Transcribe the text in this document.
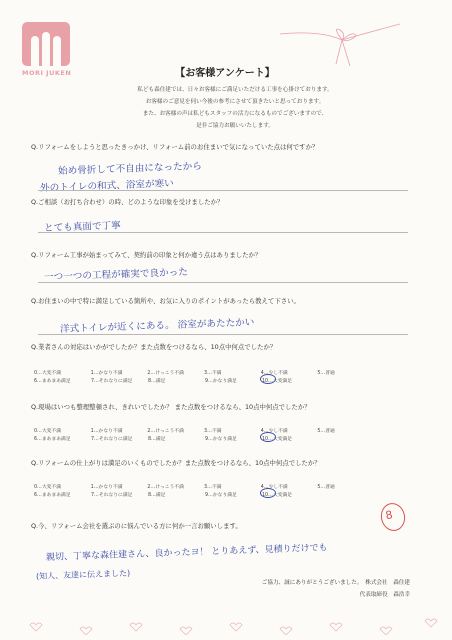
MORI JUKEN	【お客様アンケート】
私ども森住建では、日々お客様にご満足いただける工事を心掛けております。
お客様のご意見を伺い今後の参考にさせて頂きたいと思っております。
また、お客様の声は私どもスタッフの活力になるものでございますので、
是非ご協力お願いいたします。
Q.リフォームをしようと思ったきっかけ、リフォーム前のお住まいで気になっていた点は何ですか？
始め骨折して不自由になったから
外のトイレの和式、浴室が寒い
Q.ご相談（お打ち合わせ）の時、どのような印象を受けましたか？
とても真面で丁寧
Q.リフォーム工事が始まってみて、契約前の印象と何か違う点はありましたか？
一つ一つの工程が確実で良かった
Q.お住まいの中で特に満足している箇所や、お気に入りのポイントがあったら教えて下さい。
洋式トイレが近くにある。 浴室があたたかい
Q.業者さんの対応はいかがでしたか？また点数をつけるなら、10点中何点でしたか？
0…大変不満	1…かなり不満	2…けっこう不満	3…不満	4…少し不満	5…普通
6…まあまあ満足	7…それなりに満足	8…満足	9…かなり満足	10…大変満足
Q.現場はいつも整理整頓され、きれいでしたか？ また点数をつけるなら、10点中何点でしたか？
0…大変不満	1…かなり不満	2…けっこう不満	3…不満	4…少し不満	5…普通
6…まあまあ満足	7…それなりに満足	8…満足	9…かなり満足	10…大変満足
Q.リフォームの仕上がりは満足のいくものでしたか？また点数をつけるなら、10点中何点でしたか？
0…大変不満	1…かなり不満	2…けっこう不満	3…不満	4…少し不満	5…普通
6…まあまあ満足	7…それなりに満足	8…満足	9…かなり満足	10…大変満足
8
Q.今、リフォーム会社を選ぶのに悩んでいる方に何か一言お願いします。
親切、丁寧な森住建さん、良かったヨ！ とりあえず、見積りだけでも
(知人、友達に伝えました)
ご協力、誠にありがとうございました。　株式会社　森住建
代表取締役　森浩幸
